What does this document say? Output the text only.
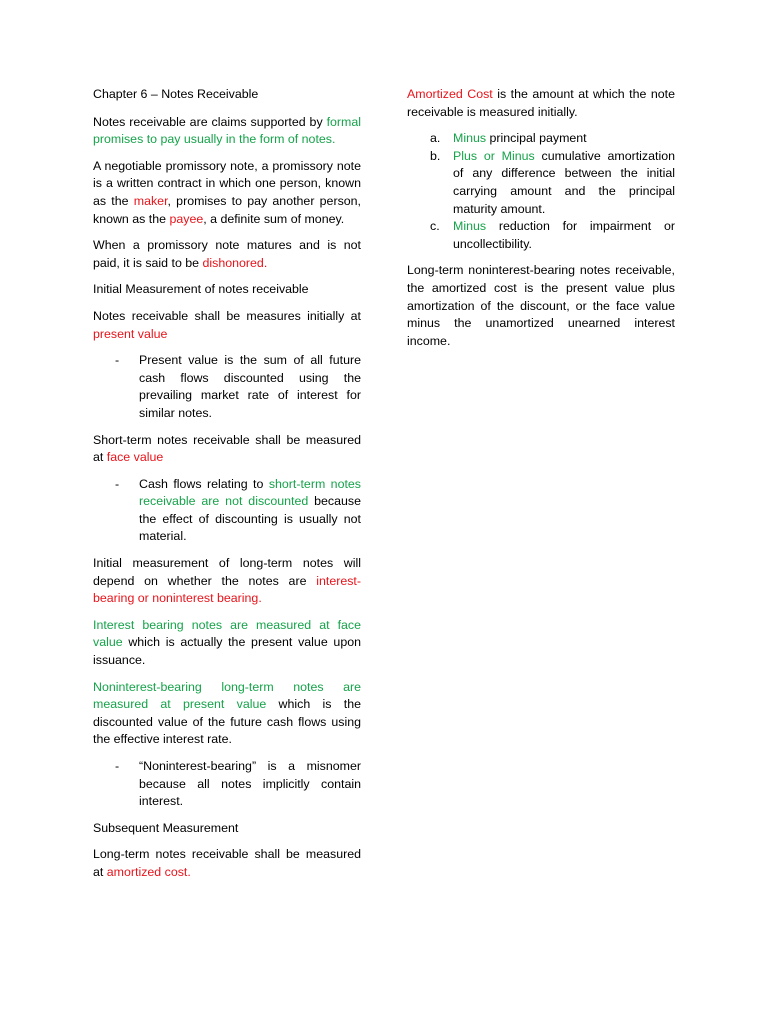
Chapter 6 – Notes Receivable

Notes receivable are claims supported by formal promises to pay usually in the form of notes.

A negotiable promissory note, a promissory note is a written contract in which one person, known as the maker, promises to pay another person, known as the payee, a definite sum of money.

When a promissory note matures and is not paid, it is said to be dishonored.

Initial Measurement of notes receivable

Notes receivable shall be measures initially at present value

- Present value is the sum of all future cash flows discounted using the prevailing market rate of interest for similar notes.

Short-term notes receivable shall be measured at face value

- Cash flows relating to short-term notes receivable are not discounted because the effect of discounting is usually not material.

Initial measurement of long-term notes will depend on whether the notes are interest-bearing or noninterest bearing.

Interest bearing notes are measured at face value which is actually the present value upon issuance.

Noninterest-bearing long-term notes are measured at present value which is the discounted value of the future cash flows using the effective interest rate.

- “Noninterest-bearing” is a misnomer because all notes implicitly contain interest.

Subsequent Measurement

Long-term notes receivable shall be measured at amortized cost.

Amortized Cost is the amount at which the note receivable is measured initially.

a. Minus principal payment
b. Plus or Minus cumulative amortization of any difference between the initial carrying amount and the principal maturity amount.
c. Minus reduction for impairment or uncollectibility.

Long-term noninterest-bearing notes receivable, the amortized cost is the present value plus amortization of the discount, or the face value minus the unamortized unearned interest income.
